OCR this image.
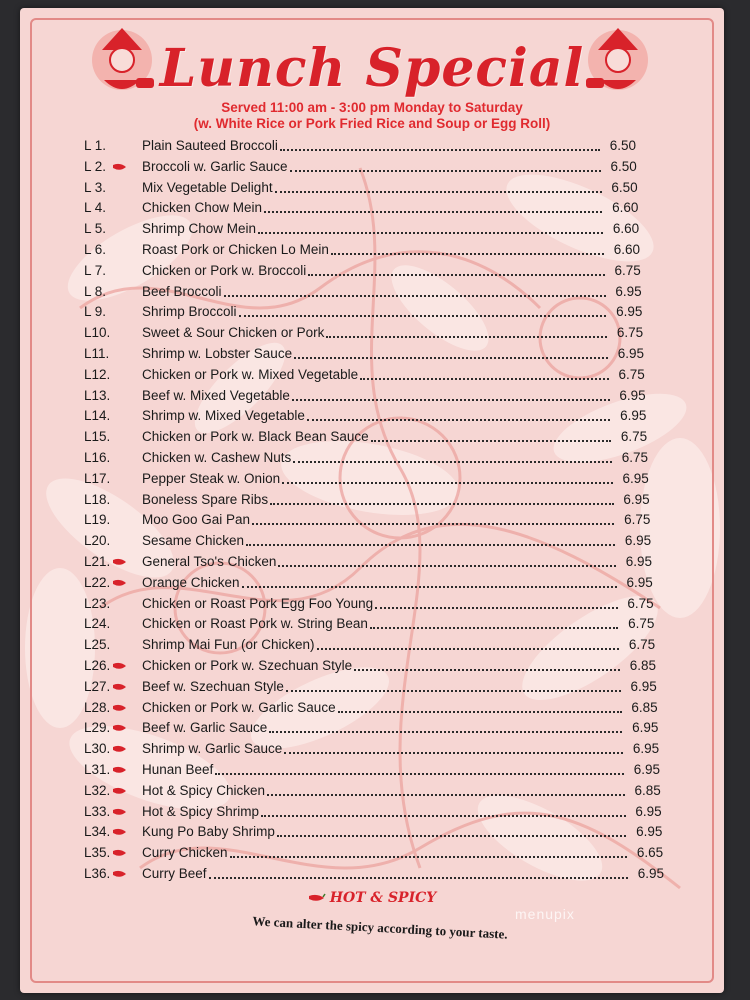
Lunch Special
Served 11:00 am - 3:00 pm Monday to Saturday
(w. White Rice or Pork Fried Rice and Soup or Egg Roll)
L 1.	Plain Sauteed Broccoli	6.50
L 2.	Broccoli w. Garlic Sauce	6.50
L 3.	Mix Vegetable Delight	6.50
L 4.	Chicken Chow Mein	6.60
L 5.	Shrimp Chow Mein	6.60
L 6.	Roast Pork or Chicken Lo Mein	6.60
L 7.	Chicken or Pork w. Broccoli	6.75
L 8.	Beef Broccoli	6.95
L 9.	Shrimp Broccoli	6.95
L10.	Sweet & Sour Chicken or Pork	6.75
L11.	Shrimp w. Lobster Sauce	6.95
L12.	Chicken or Pork w. Mixed Vegetable	6.75
L13.	Beef w. Mixed Vegetable	6.95
L14.	Shrimp w. Mixed Vegetable	6.95
L15.	Chicken or Pork w. Black Bean Sauce	6.75
L16.	Chicken w. Cashew Nuts	6.75
L17.	Pepper Steak w. Onion	6.95
L18.	Boneless Spare Ribs	6.95
L19.	Moo Goo Gai Pan	6.75
L20.	Sesame Chicken	6.95
L21.	General Tso's Chicken	6.95
L22.	Orange Chicken	6.95
L23.	Chicken or Roast Pork Egg Foo Young	6.75
L24.	Chicken or Roast Pork w. String Bean	6.75
L25.	Shrimp Mai Fun (or Chicken)	6.75
L26.	Chicken or Pork w. Szechuan Style	6.85
L27.	Beef w. Szechuan Style	6.95
L28.	Chicken or Pork w. Garlic Sauce	6.85
L29.	Beef w. Garlic Sauce	6.95
L30.	Shrimp w. Garlic Sauce	6.95
L31.	Hunan Beef	6.95
L32.	Hot & Spicy Chicken	6.85
L33.	Hot & Spicy Shrimp	6.95
L34.	Kung Po Baby Shrimp	6.95
L35.	Curry Chicken	6.65
L36.	Curry Beef	6.95
HOT & SPICY
We can alter the spicy according to your taste. menupix
